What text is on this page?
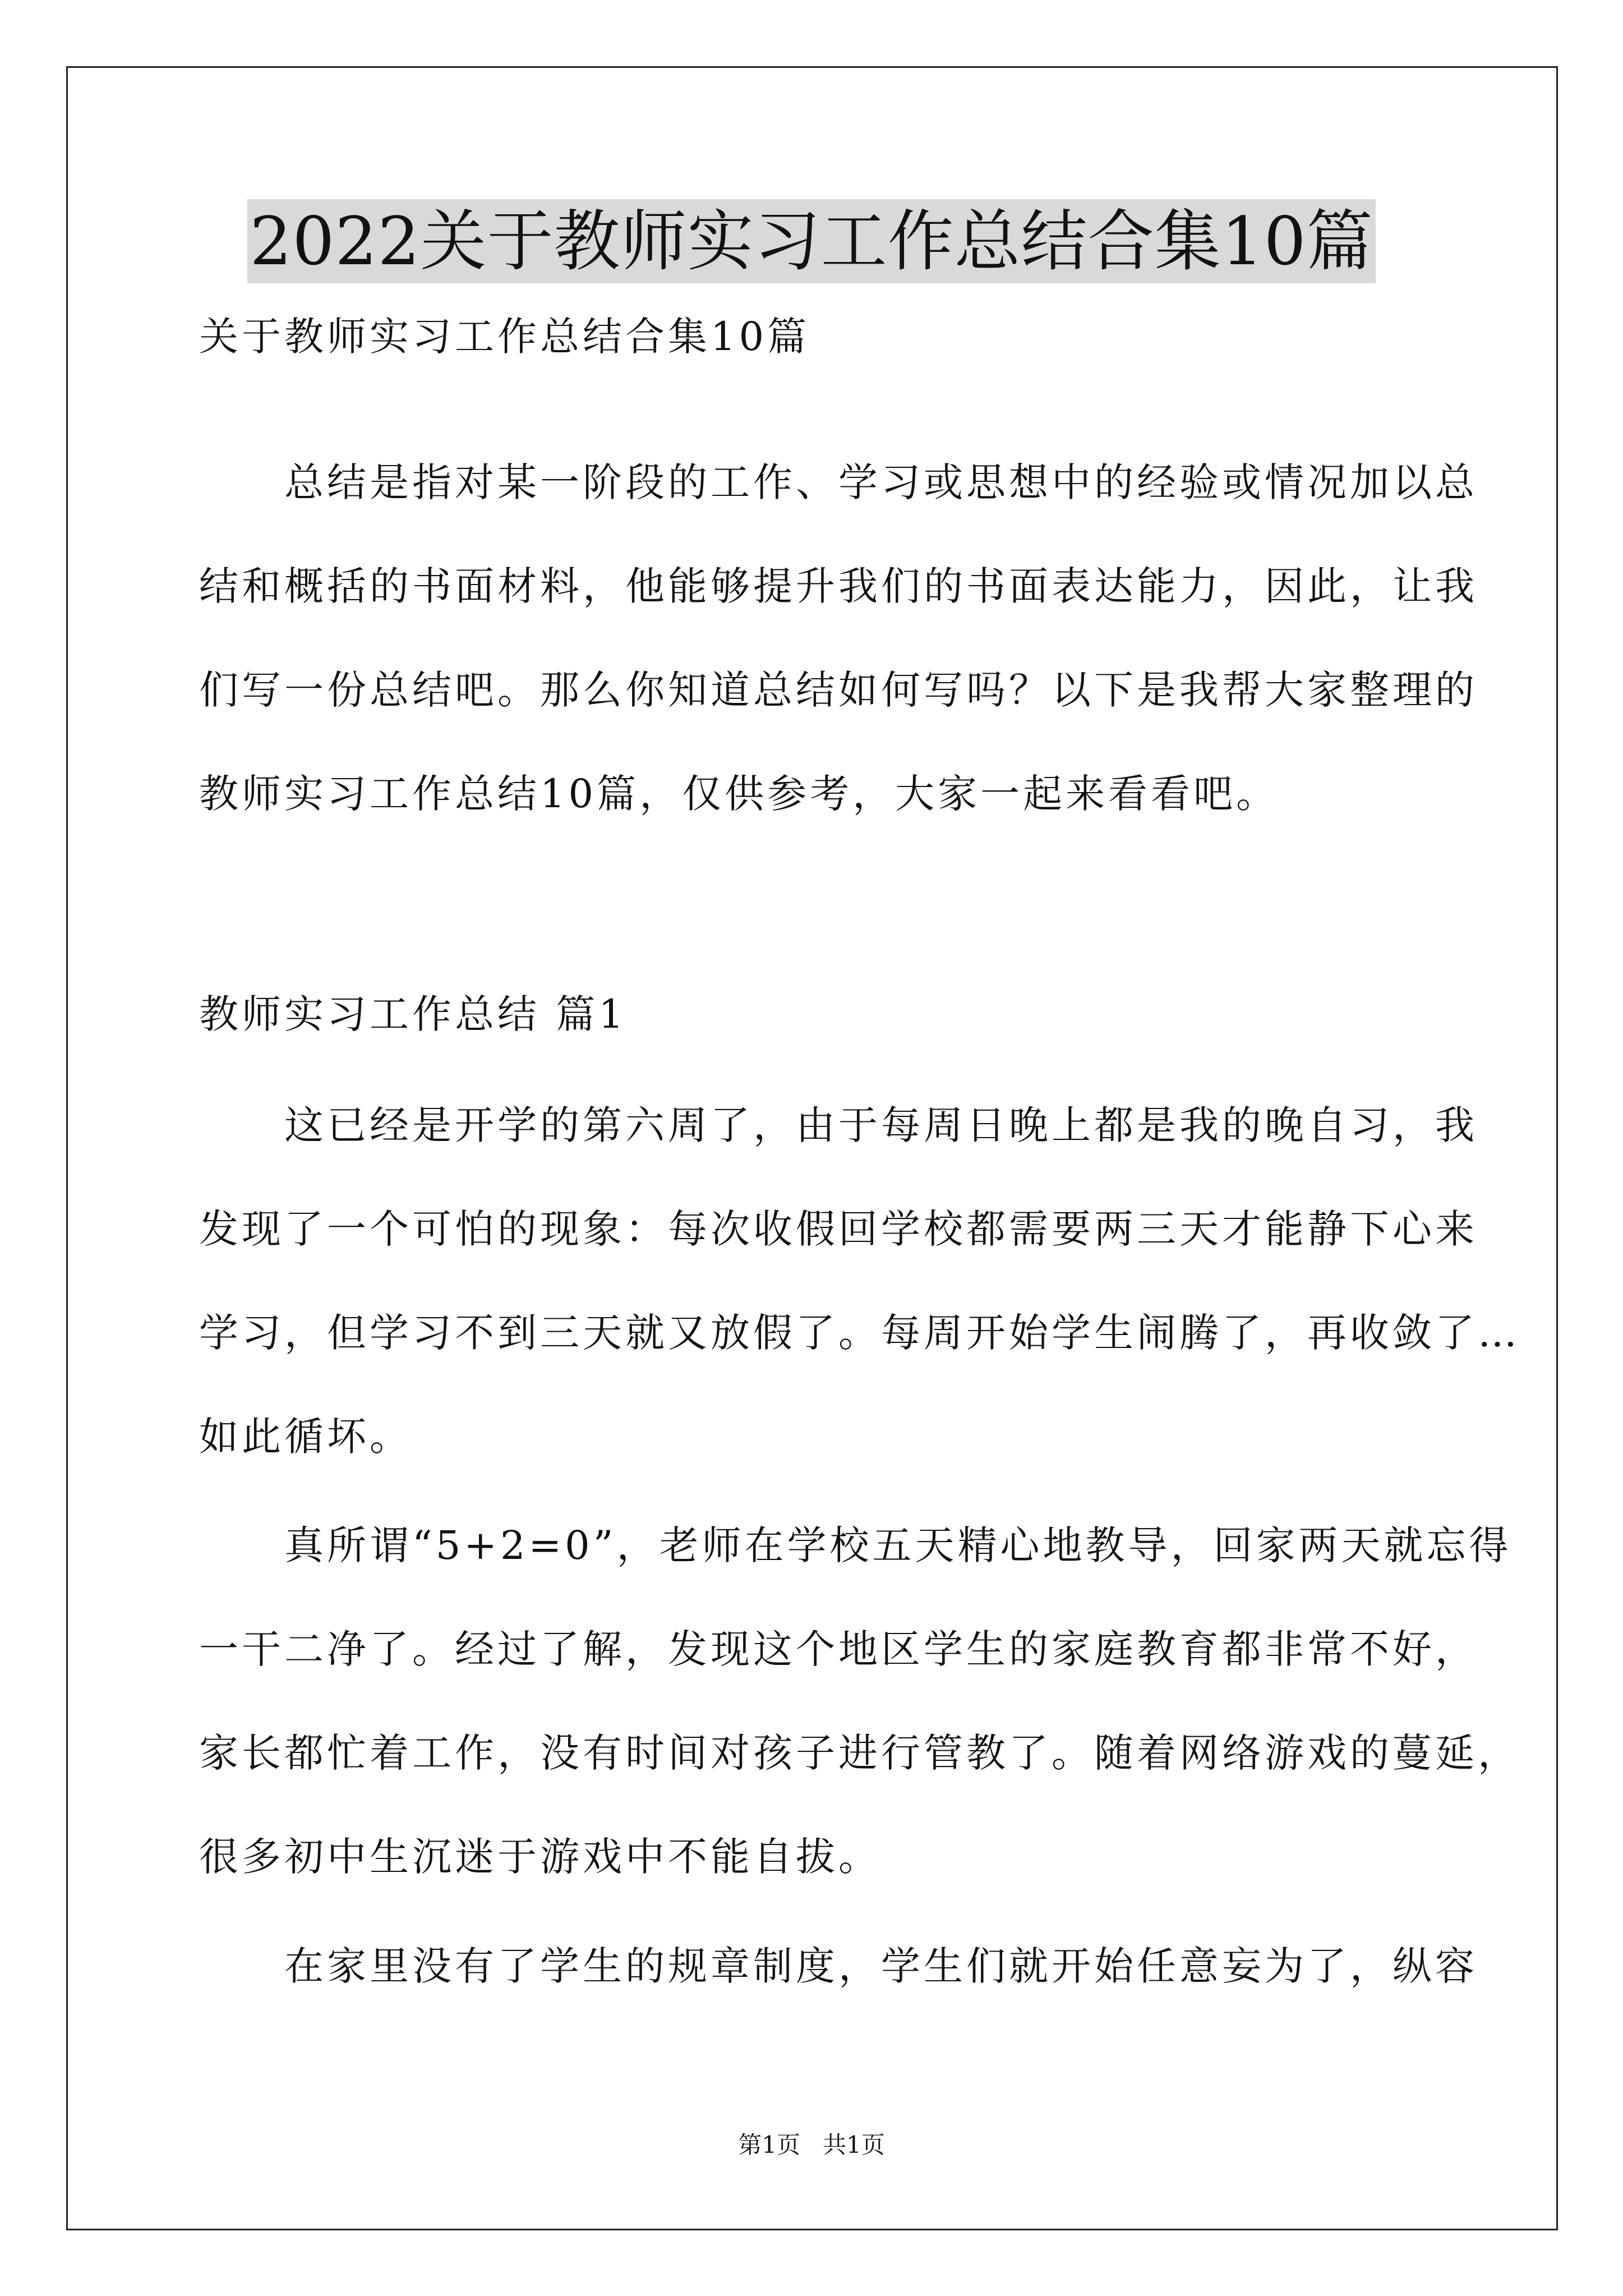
2022关于教师实习工作总结合集10篇
关于教师实习工作总结合集10篇
　　总结是指对某一阶段的工作、学习或思想中的经验或情况加以总
结和概括的书面材料，他能够提升我们的书面表达能力，因此，让我
们写一份总结吧。那么你知道总结如何写吗？以下是我帮大家整理的
教师实习工作总结10篇，仅供参考，大家一起来看看吧。
教师实习工作总结 篇1
　　这已经是开学的第六周了，由于每周日晚上都是我的晚自习，我
发现了一个可怕的现象：每次收假回学校都需要两三天才能静下心来
学习，但学习不到三天就又放假了。每周开始学生闹腾了，再收敛了…
如此循坏。
　　真所谓“5+2=0”，老师在学校五天精心地教导，回家两天就忘得
一干二净了。经过了解，发现这个地区学生的家庭教育都非常不好，
家长都忙着工作，没有时间对孩子进行管教了。随着网络游戏的蔓延，
很多初中生沉迷于游戏中不能自拔。
　　在家里没有了学生的规章制度，学生们就开始任意妄为了，纵容
第1页 共1页
